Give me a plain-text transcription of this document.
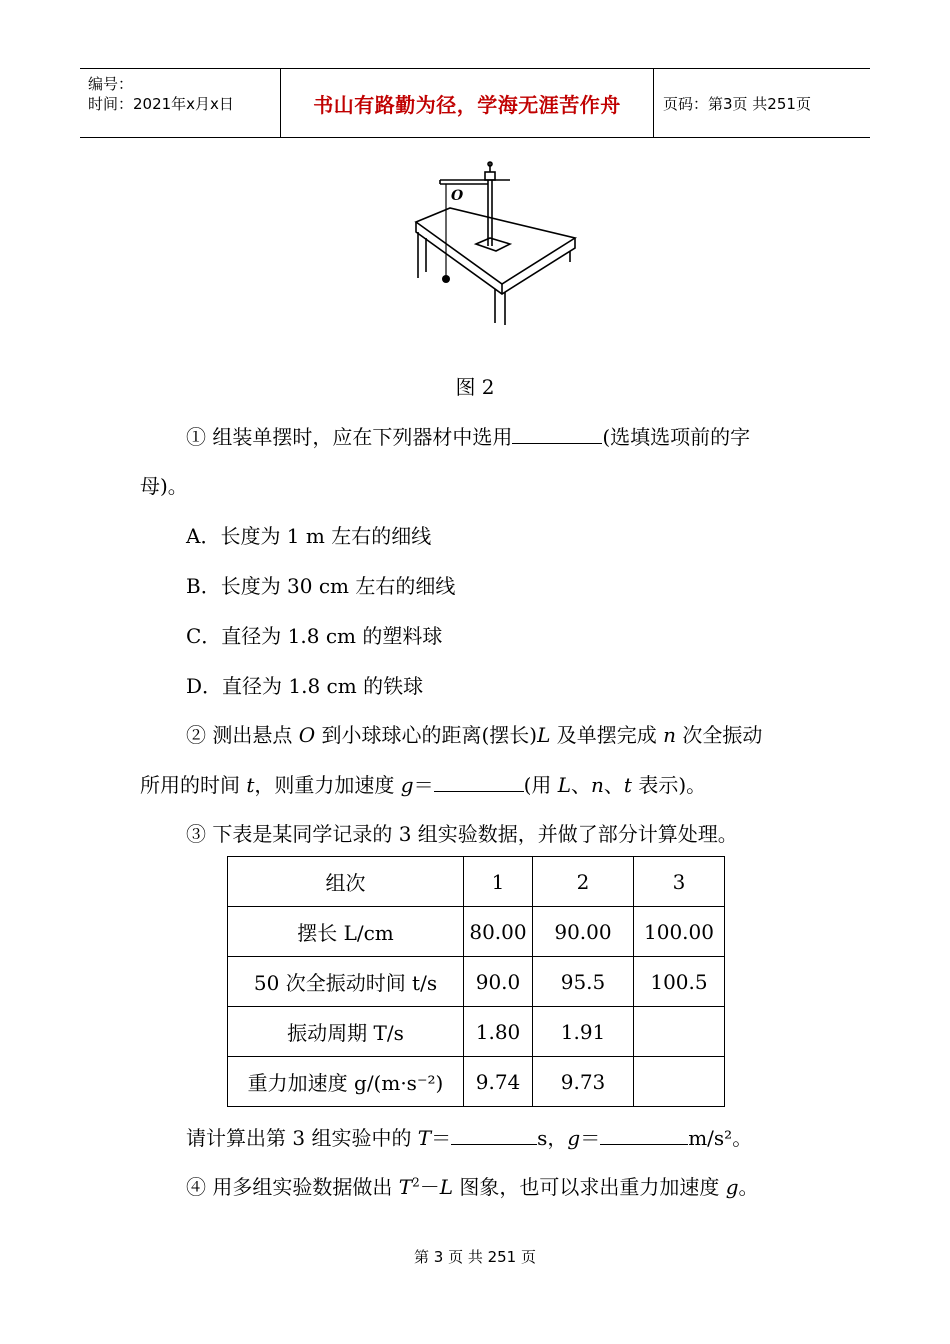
编号：
时间：2021年x月x日	书山有路勤为径，学海无涯苦作舟	页码：第3页 共251页
O
图 2
① 组装单摆时，应在下列器材中选用	(选填选项前的字
母)。
A．长度为 1 m 左右的细线
B．长度为 30 cm 左右的细线
C．直径为 1.8 cm 的塑料球
D．直径为 1.8 cm 的铁球
② 测出悬点 O 到小球球心的距离(摆长)L 及单摆完成 n 次全振动
所用的时间 t，则重力加速度 g＝	(用 L、n、t 表示)。
③ 下表是某同学记录的 3 组实验数据，并做了部分计算处理。
组次	1	2	3
摆长 L/cm	80.00	90.00	100.00
50 次全振动时间 t/s	90.0	95.5	100.5
振动周期 T/s	1.80	1.91	
重力加速度 g/(m·s⁻²)	9.74	9.73	
请计算出第 3 组实验中的 T＝	s，g＝	m/s²。
④ 用多组实验数据做出 $T^2-L$ 图象，也可以求出重力加速度 g。
第 3 页 共 251 页
